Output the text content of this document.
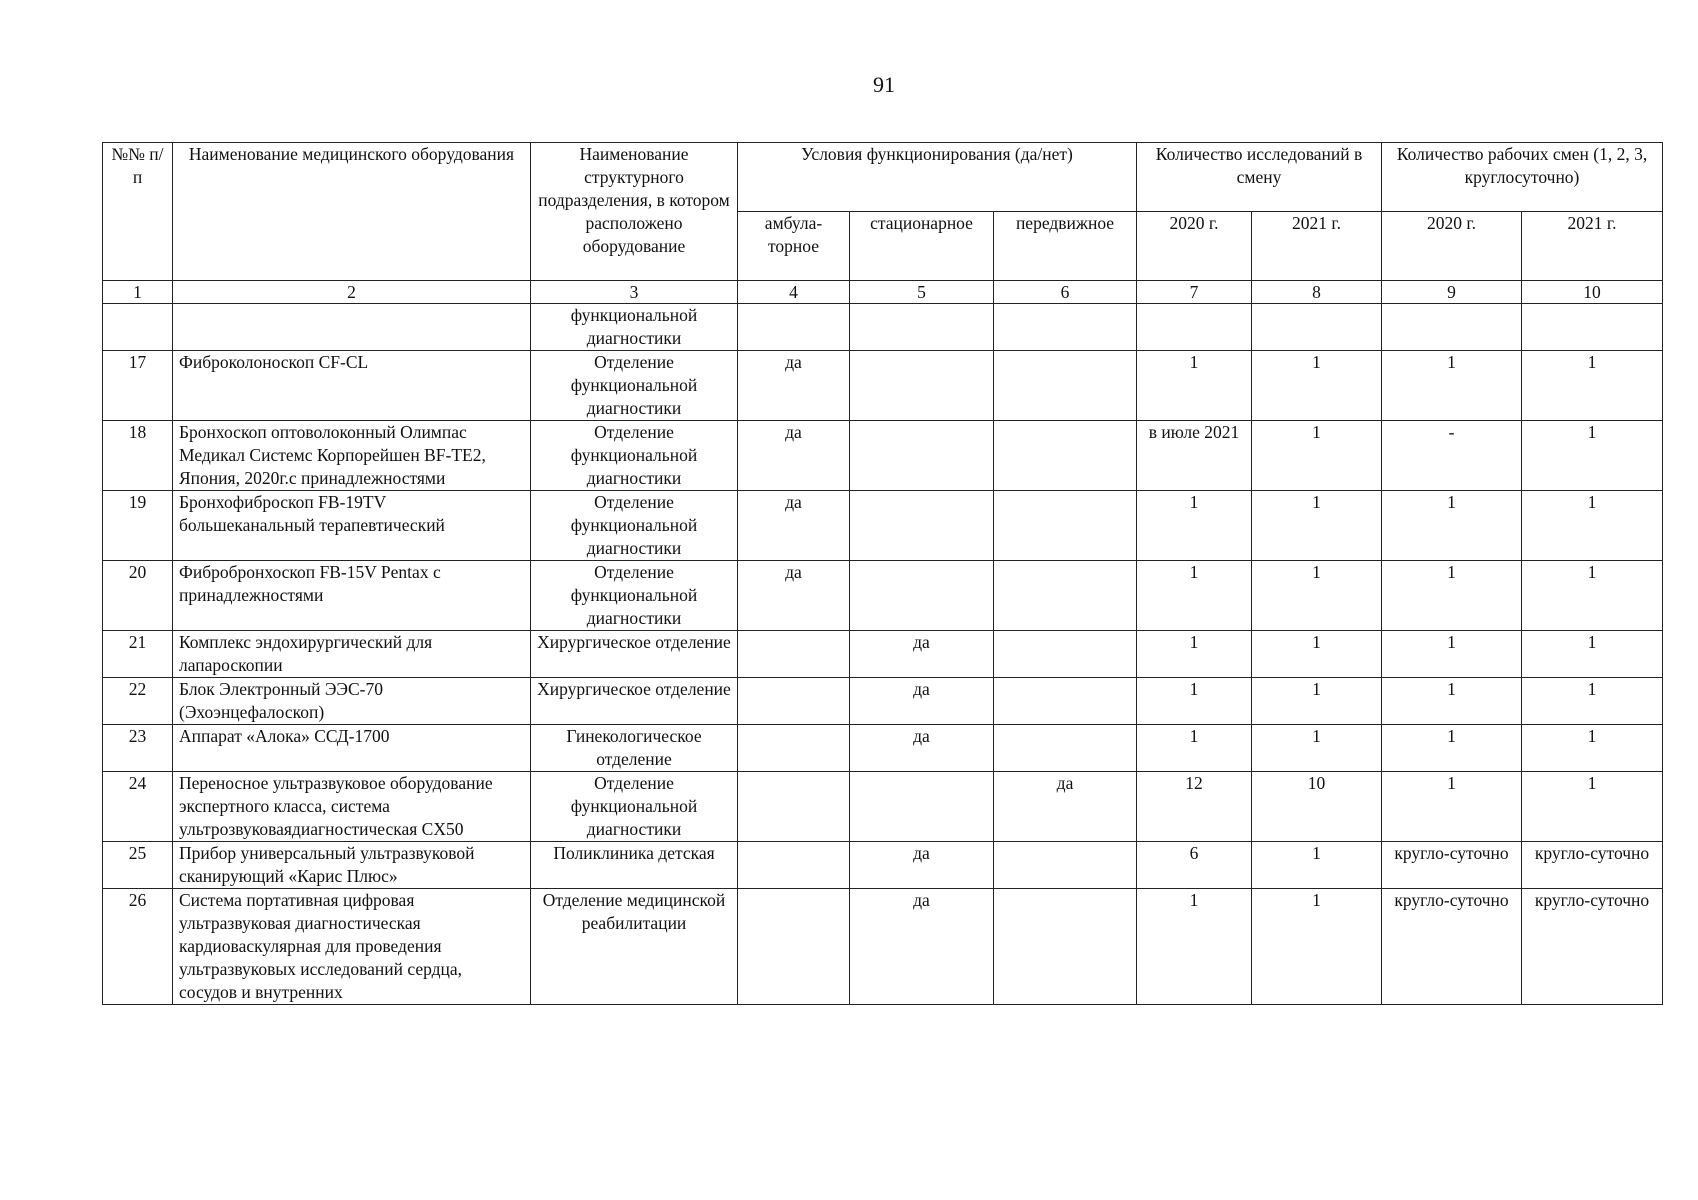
91
№№ п/п	Наименование медицинского оборудования	Наименование структурного подразделения, в котором расположено оборудование	Условия функционирования (да/нет)			Количество исследований в смену		Количество рабочих смен (1, 2, 3, круглосуточно)	
			амбула-торное	стационарное	передвижное	2020 г.	2021 г.	2020 г.	2021 г.
1	2	3	4	5	6	7	8	9	10
		функциональной диагностики							
17	Фиброколоноскоп CF-CL	Отделение функциональной диагностики	да			1	1	1	1
18	Бронхоскоп оптоволоконный Олимпас Медикал Системс Корпорейшен BF-TE2, Япония, 2020г.с принадлежностями	Отделение функциональной диагностики	да			в июле 2021	1	-	1
19	Бронхофиброскоп FB-19TV большеканальный терапевтический	Отделение функциональной диагностики	да			1	1	1	1
20	Фибробронхоскоп FB-15V Pentax с принадлежностями	Отделение функциональной диагностики	да			1	1	1	1
21	Комплекс эндохирургический для лапароскопии	Хирургическое отделение		да		1	1	1	1
22	Блок Электронный ЭЭС-70 (Эхоэнцефалоскоп)	Хирургическое отделение		да		1	1	1	1
23	Аппарат «Алока» ССД-1700	Гинекологическое отделение		да		1	1	1	1
24	Переносное ультразвуковое оборудование экспертного класса, система ультрозвуковаядиагностическая CX50	Отделение функциональной диагностики			да	12	10	1	1
25	Прибор универсальный ультразвуковой сканирующий «Карис Плюс»	Поликлиника детская		да		6	1	кругло-суточно	кругло-суточно
26	Система портативная цифровая ультразвуковая диагностическая кардиоваскулярная для проведения ультразвуковых исследований сердца, сосудов и внутренних	Отделение медицинской реабилитации		да		1	1	кругло-суточно	кругло-суточно
